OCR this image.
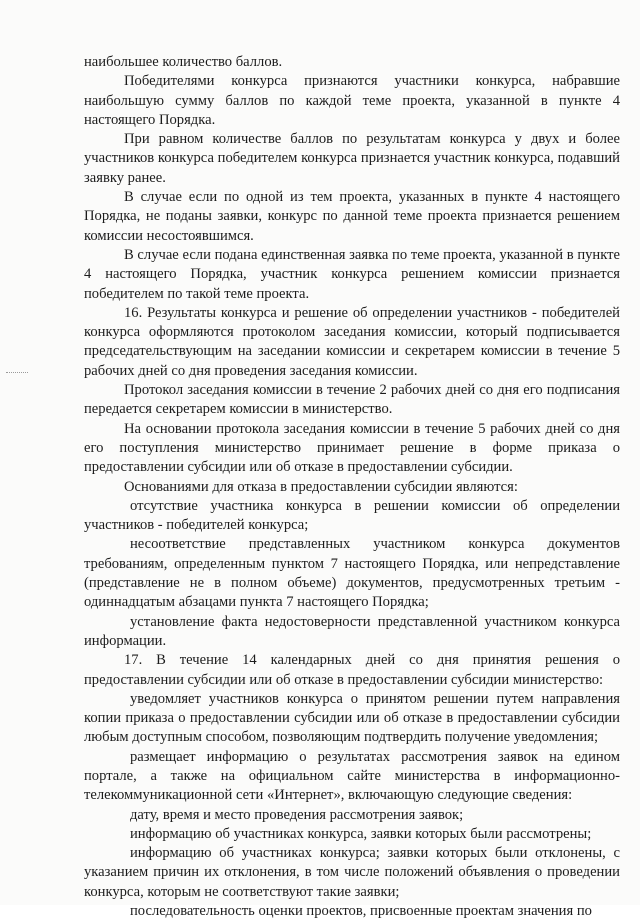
наибольшее количество баллов.

Победителями конкурса признаются участники конкурса, набравшие наибольшую сумму баллов по каждой теме проекта, указанной в пункте 4 настоящего Порядка.

При равном количестве баллов по результатам конкурса у двух и более участников конкурса победителем конкурса признается участник конкурса, подавший заявку ранее.

В случае если по одной из тем проекта, указанных в пункте 4 настоящего Порядка, не поданы заявки, конкурс по данной теме проекта признается решением комиссии несостоявшимся.

В случае если подана единственная заявка по теме проекта, указанной в пункте 4 настоящего Порядка, участник конкурса решением комиссии признается победителем по такой теме проекта.

16. Результаты конкурса и решение об определении участников - победителей конкурса оформляются протоколом заседания комиссии, который подписывается председательствующим на заседании комиссии и секретарем комиссии в течение 5 рабочих дней со дня проведения заседания комиссии.

Протокол заседания комиссии в течение 2 рабочих дней со дня его подписания передается секретарем комиссии в министерство.

На основании протокола заседания комиссии в течение 5 рабочих дней со дня его поступления министерство принимает решение в форме приказа о предоставлении субсидии или об отказе в предоставлении субсидии.

Основаниями для отказа в предоставлении субсидии являются:

отсутствие участника конкурса в решении комиссии об определении участников - победителей конкурса;

несоответствие представленных участником конкурса документов требованиям, определенным пунктом 7 настоящего Порядка, или непредставление (представление не в полном объеме) документов, предусмотренных третьим - одиннадцатым абзацами пункта 7 настоящего Порядка;

установление факта недостоверности представленной участником конкурса информации.

17. В течение 14 календарных дней со дня принятия решения о предоставлении субсидии или об отказе в предоставлении субсидии министерство:

уведомляет участников конкурса о принятом решении путем направления копии приказа о предоставлении субсидии или об отказе в предоставлении субсидии любым доступным способом, позволяющим подтвердить получение уведомления;

размещает информацию о результатах рассмотрения заявок на едином портале, а также на официальном сайте министерства в информационно-телекоммуникационной сети «Интернет», включающую следующие сведения:

дату, время и место проведения рассмотрения заявок;

информацию об участниках конкурса, заявки которых были рассмотрены;

информацию об участниках конкурса; заявки которых были отклонены, с указанием причин их отклонения, в том числе положений объявления о проведении конкурса, которым не соответствуют такие заявки;

последовательность оценки проектов, присвоенные проектам значения по
